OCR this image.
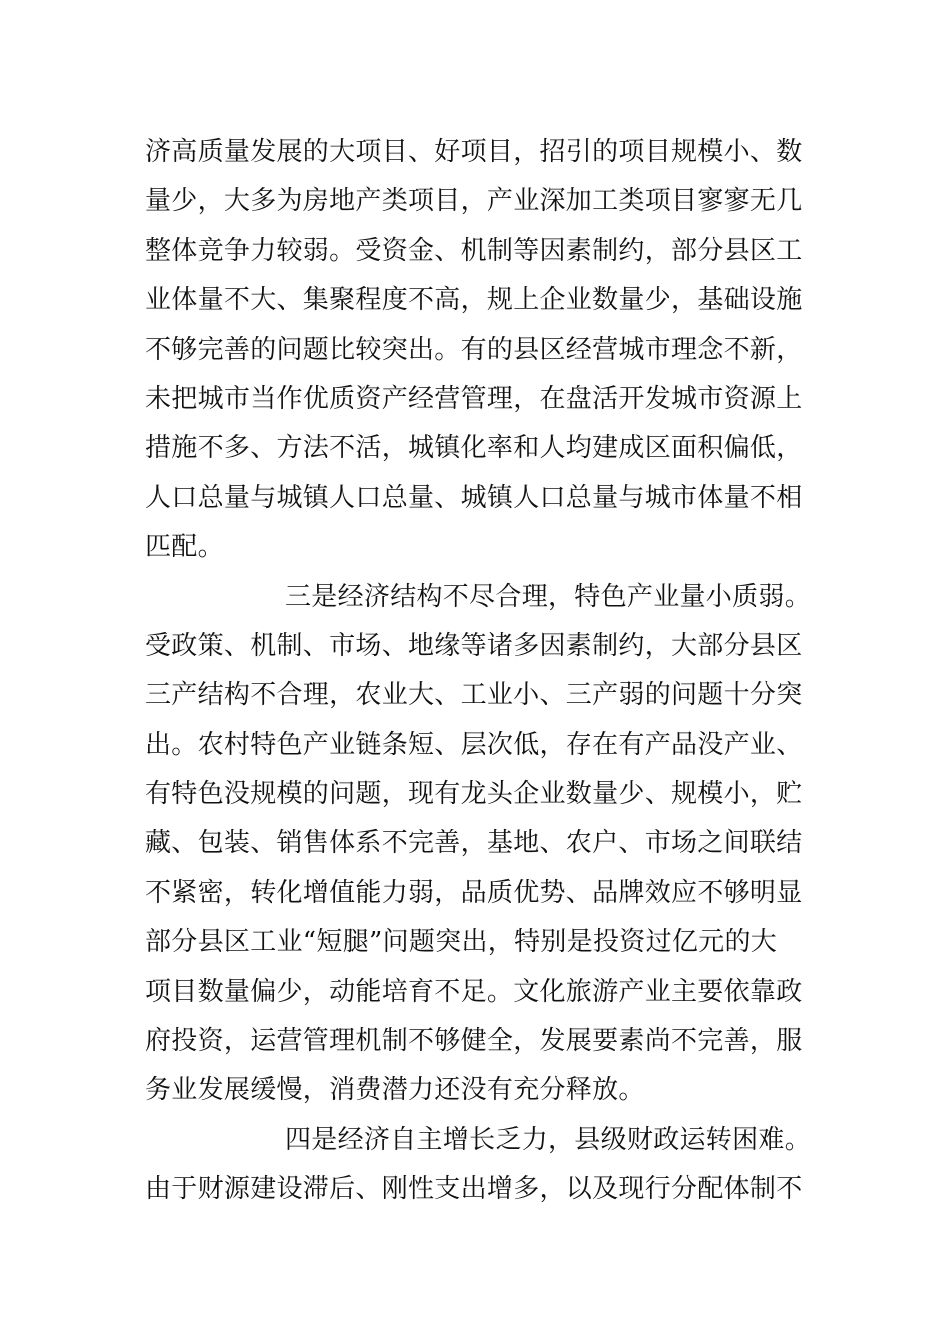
济高质量发展的大项目、好项目，招引的项目规模小、数
量少，大多为房地产类项目，产业深加工类项目寥寥无几
整体竞争力较弱。受资金、机制等因素制约，部分县区工
业体量不大、集聚程度不高，规上企业数量少，基础设施
不够完善的问题比较突出。有的县区经营城市理念不新，
未把城市当作优质资产经营管理，在盘活开发城市资源上
措施不多、方法不活，城镇化率和人均建成区面积偏低，
人口总量与城镇人口总量、城镇人口总量与城市体量不相
匹配。
三是经济结构不尽合理，特色产业量小质弱。
受政策、机制、市场、地缘等诸多因素制约，大部分县区
三产结构不合理，农业大、工业小、三产弱的问题十分突
出。农村特色产业链条短、层次低，存在有产品没产业、
有特色没规模的问题，现有龙头企业数量少、规模小，贮
藏、包装、销售体系不完善，基地、农户、市场之间联结
不紧密，转化增值能力弱，品质优势、品牌效应不够明显
部分县区工业“短腿”问题突出，特别是投资过亿元的大
项目数量偏少，动能培育不足。文化旅游产业主要依靠政
府投资，运营管理机制不够健全，发展要素尚不完善，服
务业发展缓慢，消费潜力还没有充分释放。
四是经济自主增长乏力，县级财政运转困难。
由于财源建设滞后、刚性支出增多，以及现行分配体制不
